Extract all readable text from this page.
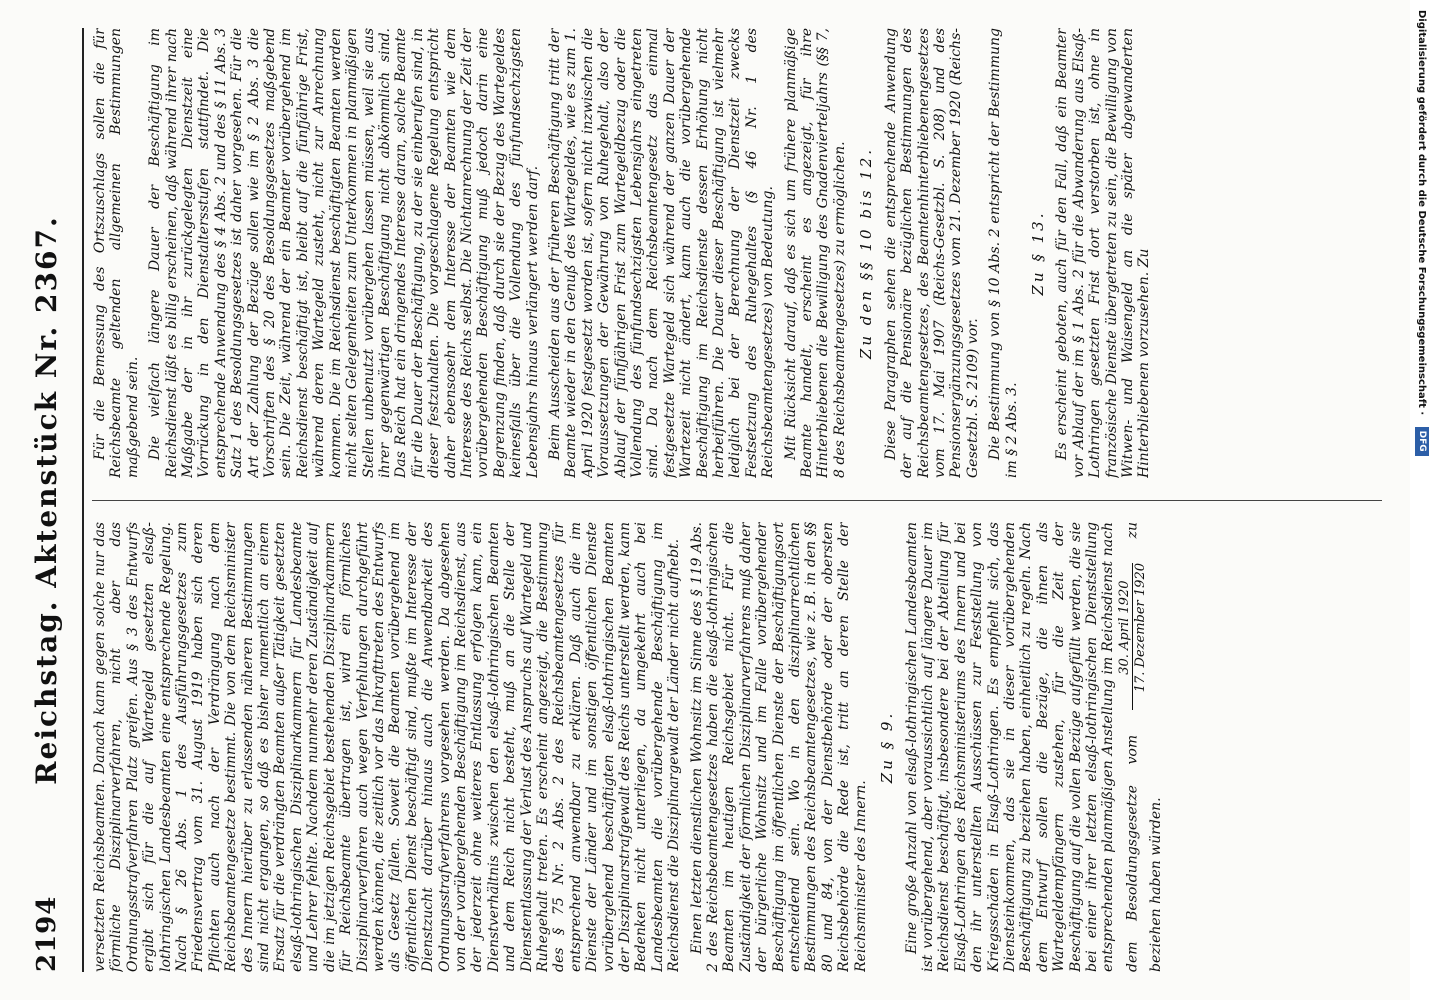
2194
Reichstag. Aktenstück Nr. 2367. versetzten Reichsbeamten. Danach kann gegen solche nur das förmliche Disziplinarverfahren, nicht aber das Ordnungsstrafverfahren Platz greifen. Aus § 3 des Entwurfs ergibt sich für die auf Wartegeld gesetzten elsaß-lothringischen Landesbeamten eine entsprechende Regelung. Nach § 26 Abs. 1 des Ausführungsgesetzes zum Friedensvertrag vom 31. August 1919 haben sich deren Pflichten auch nach der Verdrängung nach dem Reichsbeamtengesetze bestimmt. Die von dem Reichsminister des Innern hierüber zu erlassenden näheren Bestimmungen sind nicht ergangen, so daß es bisher namentlich an einem Ersatz für die verdrängten Beamten außer Tätigkeit gesetzten elsaß-lothringischen Disziplinarkammern für Landesbeamte und Lehrer fehlte. Nachdem nunmehr deren Zuständigkeit auf die im jetzigen Reichsgebiet bestehenden Disziplinarkammern für Reichsbeamte übertragen ist, wird ein förmliches Disziplinarverfahren auch wegen Verfehlungen durchgeführt werden können, die zeitlich vor das Inkrafttreten des Entwurfs als Gesetz fallen. Soweit die Beamten vorübergehend im öffentlichen Dienst beschäftigt sind, mußte im Interesse der Dienstzucht darüber hinaus auch die Anwendbarkeit des Ordnungsstrafverfahrens vorgesehen werden. Da abgesehen von der vorübergehenden Beschäftigung im Reichsdienst, aus der jederzeit ohne weiteres Entlassung erfolgen kann, ein Dienstverhältnis zwischen den elsaß-lothringischen Beamten und dem Reich nicht besteht, muß an die Stelle der Dienstentlassung der Verlust des Anspruchs auf Wartegeld und Ruhegehalt treten. Es erscheint angezeigt, die Bestimmung des § 75 Nr. 2 Abs. 2 des Reichsbeamtengesetzes für entsprechend anwendbar zu erklären. Daß auch die im Dienste der Länder und im sonstigen öffentlichen Dienste vorübergehend beschäftigten elsaß-lothringischen Beamten der Disziplinarstrafgewalt des Reichs unterstellt werden, kann Bedenken nicht unterliegen, da umgekehrt auch bei Landesbeamten die vorübergehende Beschäftigung im Reichsdienst die Disziplinargewalt der Länder nicht aufhebt. Einen letzten dienstlichen Wohnsitz im Sinne des § 119 Abs. 2 des Reichsbeamtengesetzes haben die elsaß-lothringischen Beamten im heutigen Reichsgebiet nicht. Für die Zuständigkeit der förmlichen Disziplinarverfahrens muß daher der bürgerliche Wohnsitz und im Falle vorübergehender Beschäftigung im öffentlichen Dienste der Beschäftigungsort entscheidend sein. Wo in den disziplinarrechtlichen Bestimmungen des Reichsbeamtengesetzes, wie z. B. in den §§ 80 und 84, von der Dienstbehörde oder der obersten Reichsbehörde die Rede ist, tritt an deren Stelle der Reichsminister des Innern.

Zu § 9. Eine große Anzahl von elsaß-lothringischen Landesbeamten ist vorübergehend, aber voraussichtlich auf längere Dauer im Reichsdienst beschäftigt, insbesondere bei der Abteilung für Elsaß-Lothringen des Reichsministeriums des Innern und bei den ihr unterstellten Ausschüssen zur Feststellung von Kriegsschäden in Elsaß-Lothringen. Es empfiehlt sich, das Diensteinkommen, das sie in dieser vorübergehenden Beschäftigung zu beziehen haben, einheitlich zu regeln. Nach dem Entwurf sollen die Bezüge, die ihnen als Wartegeldempfängern zustehen, für die Zeit der Beschäftigung auf die vollen Bezüge aufgefüllt werden, die sie bei einer ihrer letzten elsaß-lothringischen Dienststellung entsprechenden planmäßigen Anstellung im Reichsdienst nach dem Besoldungsgesetze vom
30. April 1920 17. Dezember 1920
zu beziehen haben würden.

Für die Bemessung des Ortszuschlags sollen die für Reichsbeamte geltenden allgemeinen Bestimmungen maßgebend sein. Die vielfach längere Dauer der Beschäftigung im Reichsdienst läßt es billig erscheinen, daß während ihrer nach Maßgabe der in ihr zurückgelegten Dienstzeit eine Vorrückung in den Dienstaltersstufen stattfindet. Die entsprechende Anwendung des § 4 Abs. 2 und des § 11 Abs. 3 Satz 1 des Besoldungsgesetzes ist daher vorgesehen. Für die Art der Zahlung der Bezüge sollen wie im § 2 Abs. 3 die Vorschriften des § 20 des Besoldungsgesetzes maßgebend sein. Die Zeit, während der ein Beamter vorübergehend im Reichsdienst beschäftigt ist, bleibt auf die fünfjährige Frist, während deren Wartegeld zusteht, nicht zur Anrechnung kommen. Die im Reichsdienst beschäftigten Beamten werden nicht selten Gelegenheiten zum Unterkommen in planmäßigen Stellen unbenutzt vorübergehen lassen müssen, weil sie aus ihrer gegenwärtigen Beschäftigung nicht abkömmlich sind. Das Reich hat ein dringendes Interesse daran, solche Beamte für die Dauer der Beschäftigung, zu der sie einberufen sind, in dieser festzuhalten. Die vorgeschlagene Regelung entspricht daher ebensosehr dem Interesse der Beamten wie dem Interesse des Reichs selbst. Die Nichtanrechnung der Zeit der vorübergehenden Beschäftigung muß jedoch darin eine Begrenzung finden, daß durch sie der Bezug des Wartegeldes keinesfalls über die Vollendung des fünfundsechzigsten Lebensjahrs hinaus verlängert werden darf. Beim Ausscheiden aus der früheren Beschäftigung tritt der Beamte wieder in den Genuß des Wartegeldes, wie es zum 1. April 1920 festgesetzt worden ist, sofern nicht inzwischen die Voraussetzungen der Gewährung von Ruhegehalt, also der Ablauf der fünfjährigen Frist zum Wartegeldbezug oder die Vollendung des fünfundsechzigsten Lebensjahrs eingetreten sind. Da nach dem Reichsbeamtengesetz das einmal festgesetzte Wartegeld sich während der ganzen Dauer der Wartezeit nicht ändert, kann auch die vorübergehende Beschäftigung im Reichsdienste dessen Erhöhung nicht herbeiführen. Die Dauer dieser Beschäftigung ist vielmehr lediglich bei der Berechnung der Dienstzeit zwecks Festsetzung des Ruhegehaltes (§ 46 Nr. 1 des Reichsbeamtengesetzes) von Bedeutung. Mit Rücksicht darauf, daß es sich um frühere planmäßige Beamte handelt, erscheint es angezeigt, für ihre Hinterbliebenen die Bewilligung des Gnadenvierteljahrs (§§ 7, 8 des Reichsbeamtengesetzes) zu ermöglichen. Zu den §§ 10 bis 12. Diese Paragraphen sehen die entsprechende Anwendung der auf die Pensionäre bezüglichen Bestimmungen des Reichsbeamtengesetzes, des Beamtenhinterbliebenengesetzes vom 17. Mai 1907 (Reichs-Gesetzbl. S. 208) und des Pensionsergänzungsgesetzes vom 21. Dezember 1920 (Reichs-Gesetzbl. S. 2109) vor. Die Bestimmung von § 10 Abs. 2 entspricht der Bestimmung im § 2 Abs. 3.

Zu § 13. Es erscheint geboten, auch für den Fall, daß ein Beamter vor Ablauf der im § 1 Abs. 2 für die Abwanderung aus Elsaß-Lothringen gesetzten Frist dort verstorben ist, ohne in französische Dienste übergetreten zu sein, die Bewilligung von Witwen- und Waisengeld an die später abgewanderten Hinterbliebenen vorzusehen. Zu	Digitalisierung gefördert durch die Deutsche Forschungsgemeinschaft · DFG
